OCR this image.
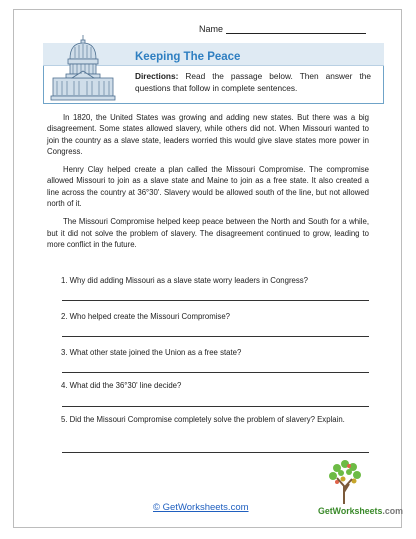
Name
Keeping The Peace
Directions: Read the passage below. Then answer the questions that follow in complete sentences.

In 1820, the United States was growing and adding new states. But there was a big disagreement. Some states allowed slavery, while others did not. When Missouri wanted to join the country as a slave state, leaders worried this would give slave states more power in Congress.

Henry Clay helped create a plan called the Missouri Compromise. The compromise allowed Missouri to join as a slave state and Maine to join as a free state. It also created a line across the country at 36°30'. Slavery would be allowed south of the line, but not allowed north of it.

The Missouri Compromise helped keep peace between the North and South for a while, but it did not solve the problem of slavery. The disagreement continued to grow, leading to more conflict in the future.

1. Why did adding Missouri as a slave state worry leaders in Congress?
2. Who helped create the Missouri Compromise?
3. What other state joined the Union as a free state?
4. What did the 36°30' line decide?
5. Did the Missouri Compromise completely solve the problem of slavery? Explain.
© GetWorksheets.com	GetWorksheets.com
